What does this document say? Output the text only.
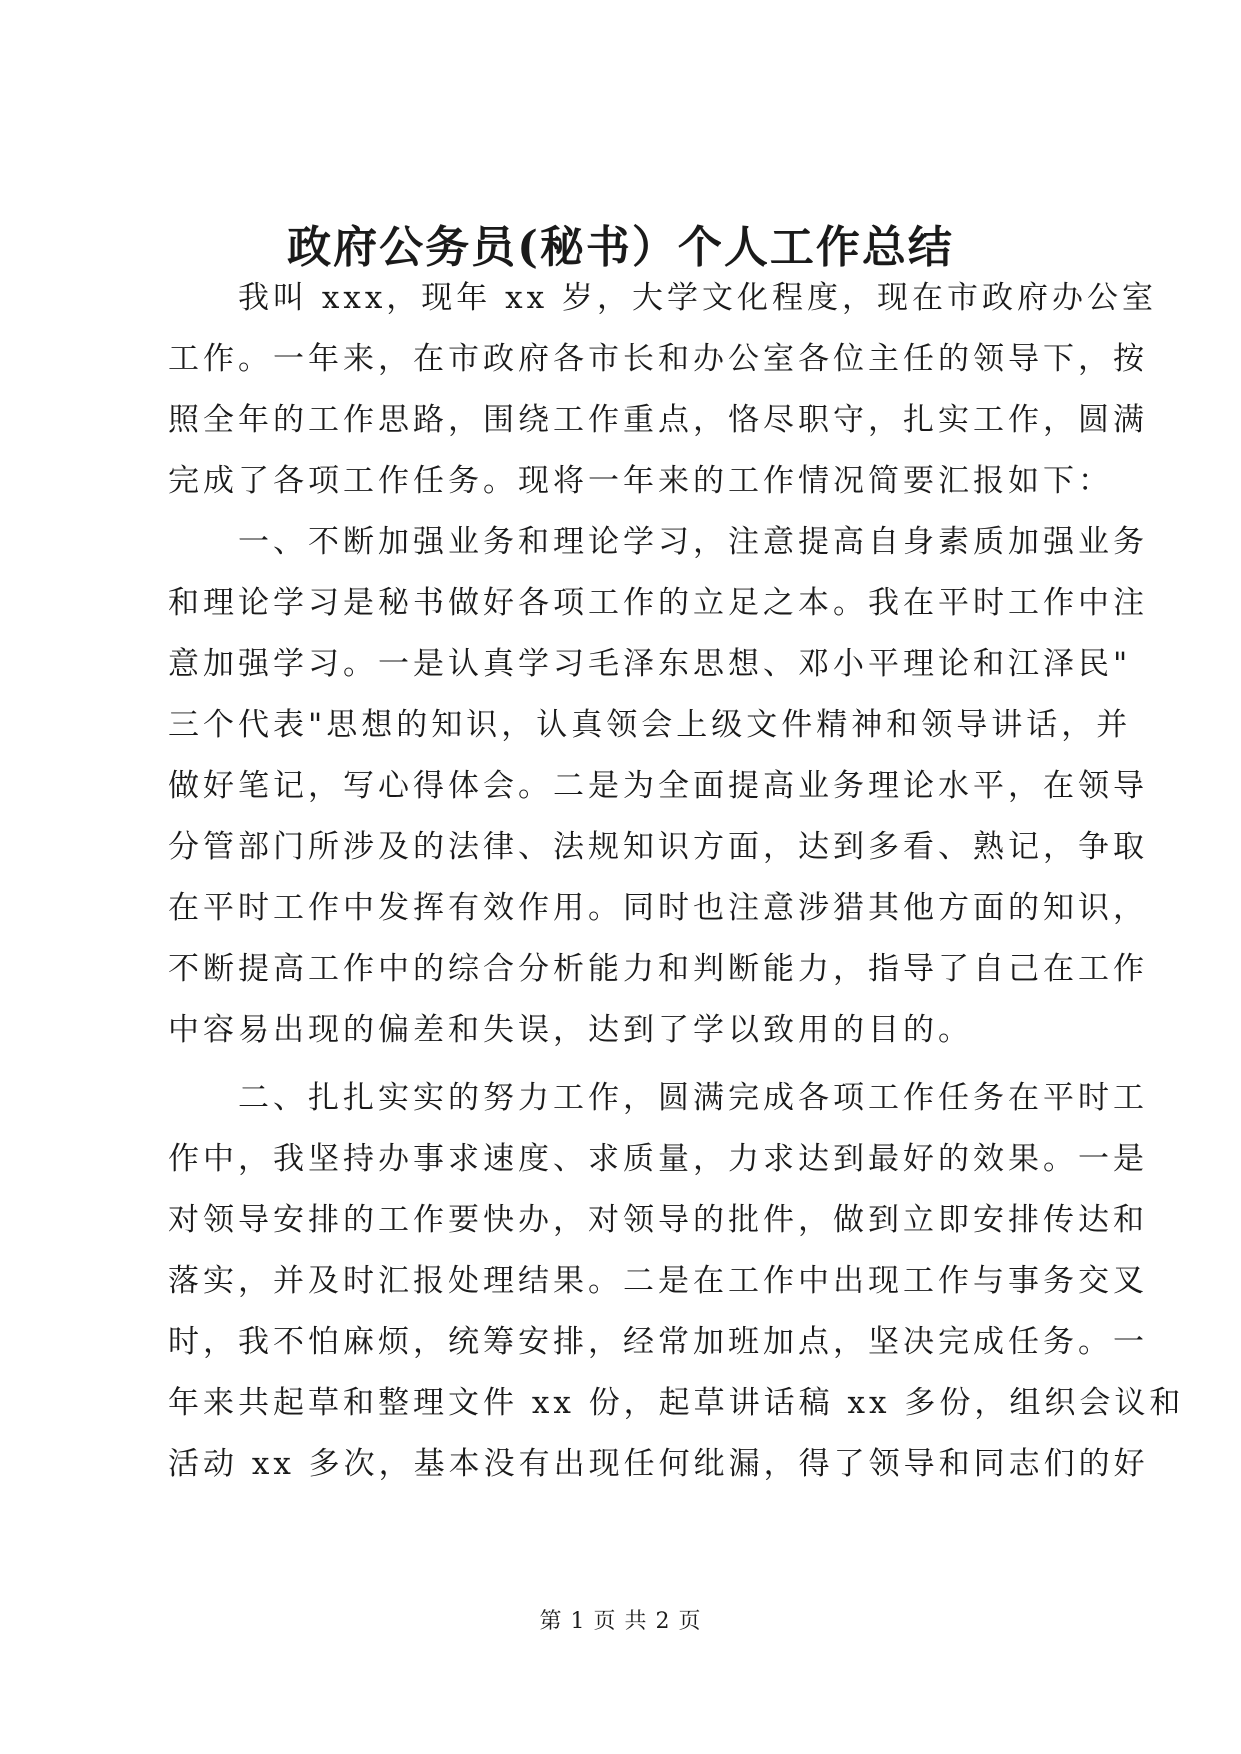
政府公务员(秘书）个人工作总结
　　我叫 xxx，现年 xx 岁，大学文化程度，现在市政府办公室
工作。一年来，在市政府各市长和办公室各位主任的领导下，按
照全年的工作思路，围绕工作重点，恪尽职守，扎实工作，圆满
完成了各项工作任务。现将一年来的工作情况简要汇报如下：
　　一、不断加强业务和理论学习，注意提高自身素质加强业务
和理论学习是秘书做好各项工作的立足之本。我在平时工作中注
意加强学习。一是认真学习毛泽东思想、邓小平理论和江泽民"
三个代表"思想的知识，认真领会上级文件精神和领导讲话，并
做好笔记，写心得体会。二是为全面提高业务理论水平，在领导
分管部门所涉及的法律、法规知识方面，达到多看、熟记，争取
在平时工作中发挥有效作用。同时也注意涉猎其他方面的知识，
不断提高工作中的综合分析能力和判断能力，指导了自己在工作
中容易出现的偏差和失误，达到了学以致用的目的。
　　二、扎扎实实的努力工作，圆满完成各项工作任务在平时工
作中，我坚持办事求速度、求质量，力求达到最好的效果。一是
对领导安排的工作要快办，对领导的批件，做到立即安排传达和
落实，并及时汇报处理结果。二是在工作中出现工作与事务交叉
时，我不怕麻烦，统筹安排，经常加班加点，坚决完成任务。一
年来共起草和整理文件 xx 份，起草讲话稿 xx 多份，组织会议和
活动 xx 多次，基本没有出现任何纰漏，得了领导和同志们的好
第 1 页 共 2 页
